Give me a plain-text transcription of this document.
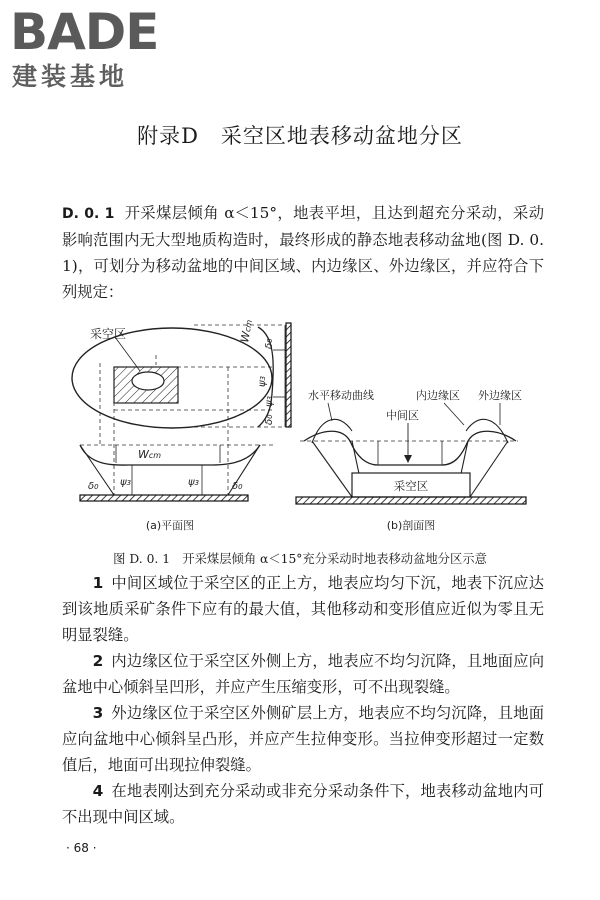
BADE
建装基地
附录D　采空区地表移动盆地分区
D. 0. 1 开采煤层倾角 α＜15°，地表平坦，且达到超充分采动，采动影响范围内无大型地质构造时，最终形成的静态地表移动盆地(图 D. 0. 1)，可划分为移动盆地的中间区域、内边缘区、外边缘区，并应符合下列规定：
采空区	Wcm
δ0
ψ3
ψ3
δ0
Wcm
δ0 ψ3	ψ3	δ0
(a)平面图
采空区
水平移动曲线	内边缘区 外边缘区
中间区
(b)剖面图
图 D. 0. 1　开采煤层倾角 α＜15°充分采动时地表移动盆地分区示意
1 中间区域位于采空区的正上方，地表应均匀下沉，地表下沉应达到该地质采矿条件下应有的最大值，其他移动和变形值应近似为零且无明显裂缝。
2 内边缘区位于采空区外侧上方，地表应不均匀沉降，且地面应向盆地中心倾斜呈凹形，并应产生压缩变形，可不出现裂缝。
3 外边缘区位于采空区外侧矿层上方，地表应不均匀沉降，且地面应向盆地中心倾斜呈凸形，并应产生拉伸变形。当拉伸变形超过一定数值后，地面可出现拉伸裂缝。
4 在地表刚达到充分采动或非充分采动条件下，地表移动盆地内可不出现中间区域。
· 68 ·
